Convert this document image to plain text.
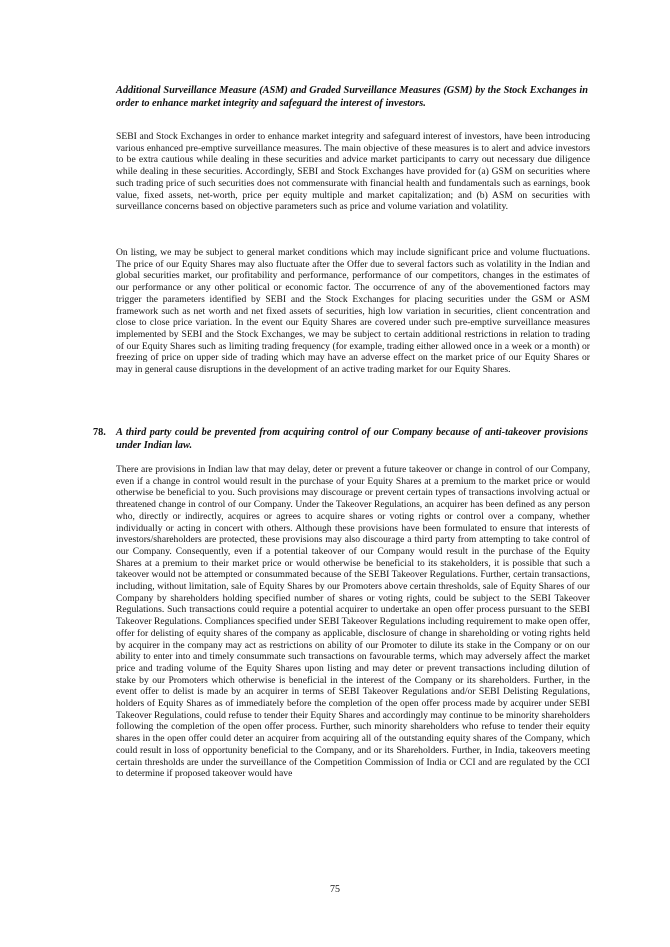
Additional Surveillance Measure (ASM) and Graded Surveillance Measures (GSM) by the Stock Exchanges in order to enhance market integrity and safeguard the interest of investors.

SEBI and Stock Exchanges in order to enhance market integrity and safeguard interest of investors, have been introducing various enhanced pre-emptive surveillance measures. The main objective of these measures is to alert and advice investors to be extra cautious while dealing in these securities and advice market participants to carry out necessary due diligence while dealing in these securities. Accordingly, SEBI and Stock Exchanges have provided for (a) GSM on securities where such trading price of such securities does not commensurate with financial health and fundamentals such as earnings, book value, fixed assets, net-worth, price per equity multiple and market capitalization; and (b) ASM on securities with surveillance concerns based on objective parameters such as price and volume variation and volatility.

On listing, we may be subject to general market conditions which may include significant price and volume fluctuations. The price of our Equity Shares may also fluctuate after the Offer due to several factors such as volatility in the Indian and global securities market, our profitability and performance, performance of our competitors, changes in the estimates of our performance or any other political or economic factor. The occurrence of any of the abovementioned factors may trigger the parameters identified by SEBI and the Stock Exchanges for placing securities under the GSM or ASM framework such as net worth and net fixed assets of securities, high low variation in securities, client concentration and close to close price variation. In the event our Equity Shares are covered under such pre-emptive surveillance measures implemented by SEBI and the Stock Exchanges, we may be subject to certain additional restrictions in relation to trading of our Equity Shares such as limiting trading frequency (for example, trading either allowed once in a week or a month) or freezing of price on upper side of trading which may have an adverse effect on the market price of our Equity Shares or may in general cause disruptions in the development of an active trading market for our Equity Shares.

78. A third party could be prevented from acquiring control of our Company because of anti-takeover provisions under Indian law.

There are provisions in Indian law that may delay, deter or prevent a future takeover or change in control of our Company, even if a change in control would result in the purchase of your Equity Shares at a premium to the market price or would otherwise be beneficial to you. Such provisions may discourage or prevent certain types of transactions involving actual or threatened change in control of our Company. Under the Takeover Regulations, an acquirer has been defined as any person who, directly or indirectly, acquires or agrees to acquire shares or voting rights or control over a company, whether individually or acting in concert with others. Although these provisions have been formulated to ensure that interests of investors/shareholders are protected, these provisions may also discourage a third party from attempting to take control of our Company. Consequently, even if a potential takeover of our Company would result in the purchase of the Equity Shares at a premium to their market price or would otherwise be beneficial to its stakeholders, it is possible that such a takeover would not be attempted or consummated because of the SEBI Takeover Regulations. Further, certain transactions, including, without limitation, sale of Equity Shares by our Promoters above certain thresholds, sale of Equity Shares of our Company by shareholders holding specified number of shares or voting rights, could be subject to the SEBI Takeover Regulations. Such transactions could require a potential acquirer to undertake an open offer process pursuant to the SEBI Takeover Regulations. Compliances specified under SEBI Takeover Regulations including requirement to make open offer, offer for delisting of equity shares of the company as applicable, disclosure of change in shareholding or voting rights held by acquirer in the company may act as restrictions on ability of our Promoter to dilute its stake in the Company or on our ability to enter into and timely consummate such transactions on favourable terms, which may adversely affect the market price and trading volume of the Equity Shares upon listing and may deter or prevent transactions including dilution of stake by our Promoters which otherwise is beneficial in the interest of the Company or its shareholders. Further, in the event offer to delist is made by an acquirer in terms of SEBI Takeover Regulations and/or SEBI Delisting Regulations, holders of Equity Shares as of immediately before the completion of the open offer process made by acquirer under SEBI Takeover Regulations, could refuse to tender their Equity Shares and accordingly may continue to be minority shareholders following the completion of the open offer process. Further, such minority shareholders who refuse to tender their equity shares in the open offer could deter an acquirer from acquiring all of the outstanding equity shares of the Company, which could result in loss of opportunity beneficial to the Company, and or its Shareholders. Further, in India, takeovers meeting certain thresholds are under the surveillance of the Competition Commission of India or CCI and are regulated by the CCI to determine if proposed takeover would have

75
